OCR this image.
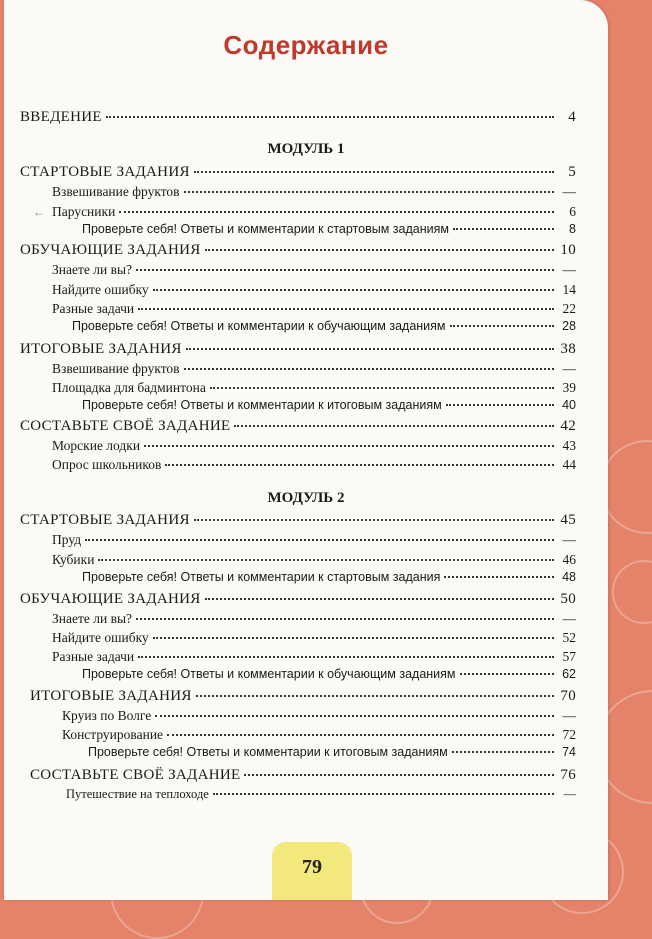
Содержание
ВВЕДЕНИЕ	4
МОДУЛЬ 1
СТАРТОВЫЕ ЗАДАНИЯ	5
Взвешивание фруктов	—
← Парусники	6
Проверьте себя! Ответы и комментарии к стартовым заданиям	8
ОБУЧАЮЩИЕ ЗАДАНИЯ	10
Знаете ли вы?	—
Найдите ошибку	14
Разные задачи	22
Проверьте себя! Ответы и комментарии к обучающим заданиям	28
ИТОГОВЫЕ ЗАДАНИЯ	38
Взвешивание фруктов	—
Площадка для бадминтона	39
Проверьте себя! Ответы и комментарии к итоговым заданиям	40
СОСТАВЬТЕ СВОЁ ЗАДАНИЕ	42
Морские лодки	43
Опрос школьников	44
МОДУЛЬ 2
СТАРТОВЫЕ ЗАДАНИЯ	45
Пруд	—
Кубики	46
Проверьте себя! Ответы и комментарии к стартовым задания	48
ОБУЧАЮЩИЕ ЗАДАНИЯ	50
Знаете ли вы?	—
Найдите ошибку	52
Разные задачи	57
Проверьте себя! Ответы и комментарии к обучающим заданиям	62
ИТОГОВЫЕ ЗАДАНИЯ	70
Круиз по Волге	—
Конструирование	72
Проверьте себя! Ответы и комментарии к итоговым заданиям	74
СОСТАВЬТЕ СВОЁ ЗАДАНИЕ	76
Путешествие на теплоходе	—
79
